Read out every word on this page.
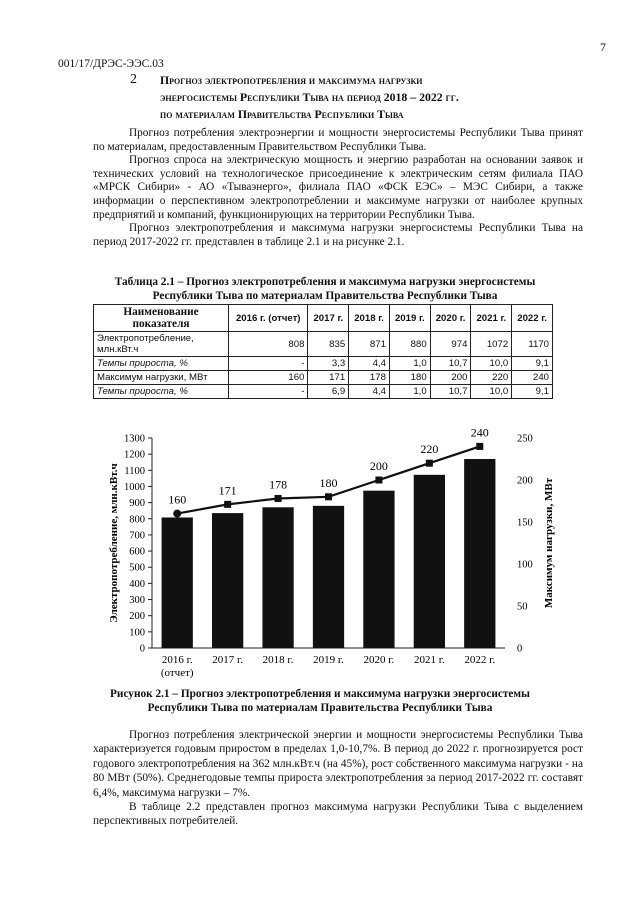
7
001/17/ДРЭС-ЭЭС.03
2 Прогноз электропотребления и максимума нагрузки
энергосистемы Республики Тыва на период 2018 – 2022 гг.
по материалам Правительства Республики Тыва

Прогноз потребления электроэнергии и мощности энергосистемы Республики Тыва принят по материалам, предоставленным Правительством Республики Тыва.

Прогноз спроса на электрическую мощность и энергию разработан на основании заявок и технических условий на технологическое присоединение к электрическим сетям филиала ПАО «МРСК Сибири» - АО «Тываэнерго», филиала ПАО «ФСК ЕЭС» – МЭС Сибири, а также информации о перспективном электропотреблении и максимуме нагрузки от наиболее крупных предприятий и компаний, функционирующих на территории Республики Тыва.

Прогноз электропотребления и максимума нагрузки энергосистемы Республики Тыва на период 2017-2022 гг. представлен в таблице 2.1 и на рисунке 2.1.

Таблица 2.1 – Прогноз электропотребления и максимума нагрузки энергосистемы
Республики Тыва по материалам Правительства Республики Тыва
Наименование показателя	2016 г. (отчет)	2017 г.	2018 г.	2019 г.	2020 г.	2021 г.	2022 г.
Электропотребление, млн.кВт.ч	808	835	871	880	974	1072	1170
Темпы прироста, %	-	3,3	4,4	1,0	10,7	10,0	9,1
Максимум нагрузки, МВт	160	171	178	180	200	220	240
Темпы прироста, %	-	6,9	4,4	1,0	10,7	10,0	9,1
0
100
200
300
400
500
600
700
800
900
1000
1100
1200
1300
0
50
100
150
200
250
160
171	178	180
200
220
240
2016 г.
(отчет)
2017 г. 2018 г. 2019 г. 2020 г. 2021 г. 2022 г.
Электропотребление, млн.кВт.ч	Максимум нагрузки, МВт
Рисунок 2.1 – Прогноз электропотребления и максимума нагрузки энергосистемы
Республики Тыва по материалам Правительства Республики Тыва

Прогноз потребления электрической энергии и мощности энергосистемы Республики Тыва характеризуется годовым приростом в пределах 1,0-10,7%. В период до 2022 г. прогнозируется рост годового электропотребления на 362 млн.кВт.ч (на 45%), рост собственного максимума нагрузки - на 80 МВт (50%). Среднегодовые темпы прироста электропотребления за период 2017-2022 гг. составят 6,4%, максимума нагрузки – 7%.

В таблице 2.2 представлен прогноз максимума нагрузки Республики Тыва с выделением перспективных потребителей.
